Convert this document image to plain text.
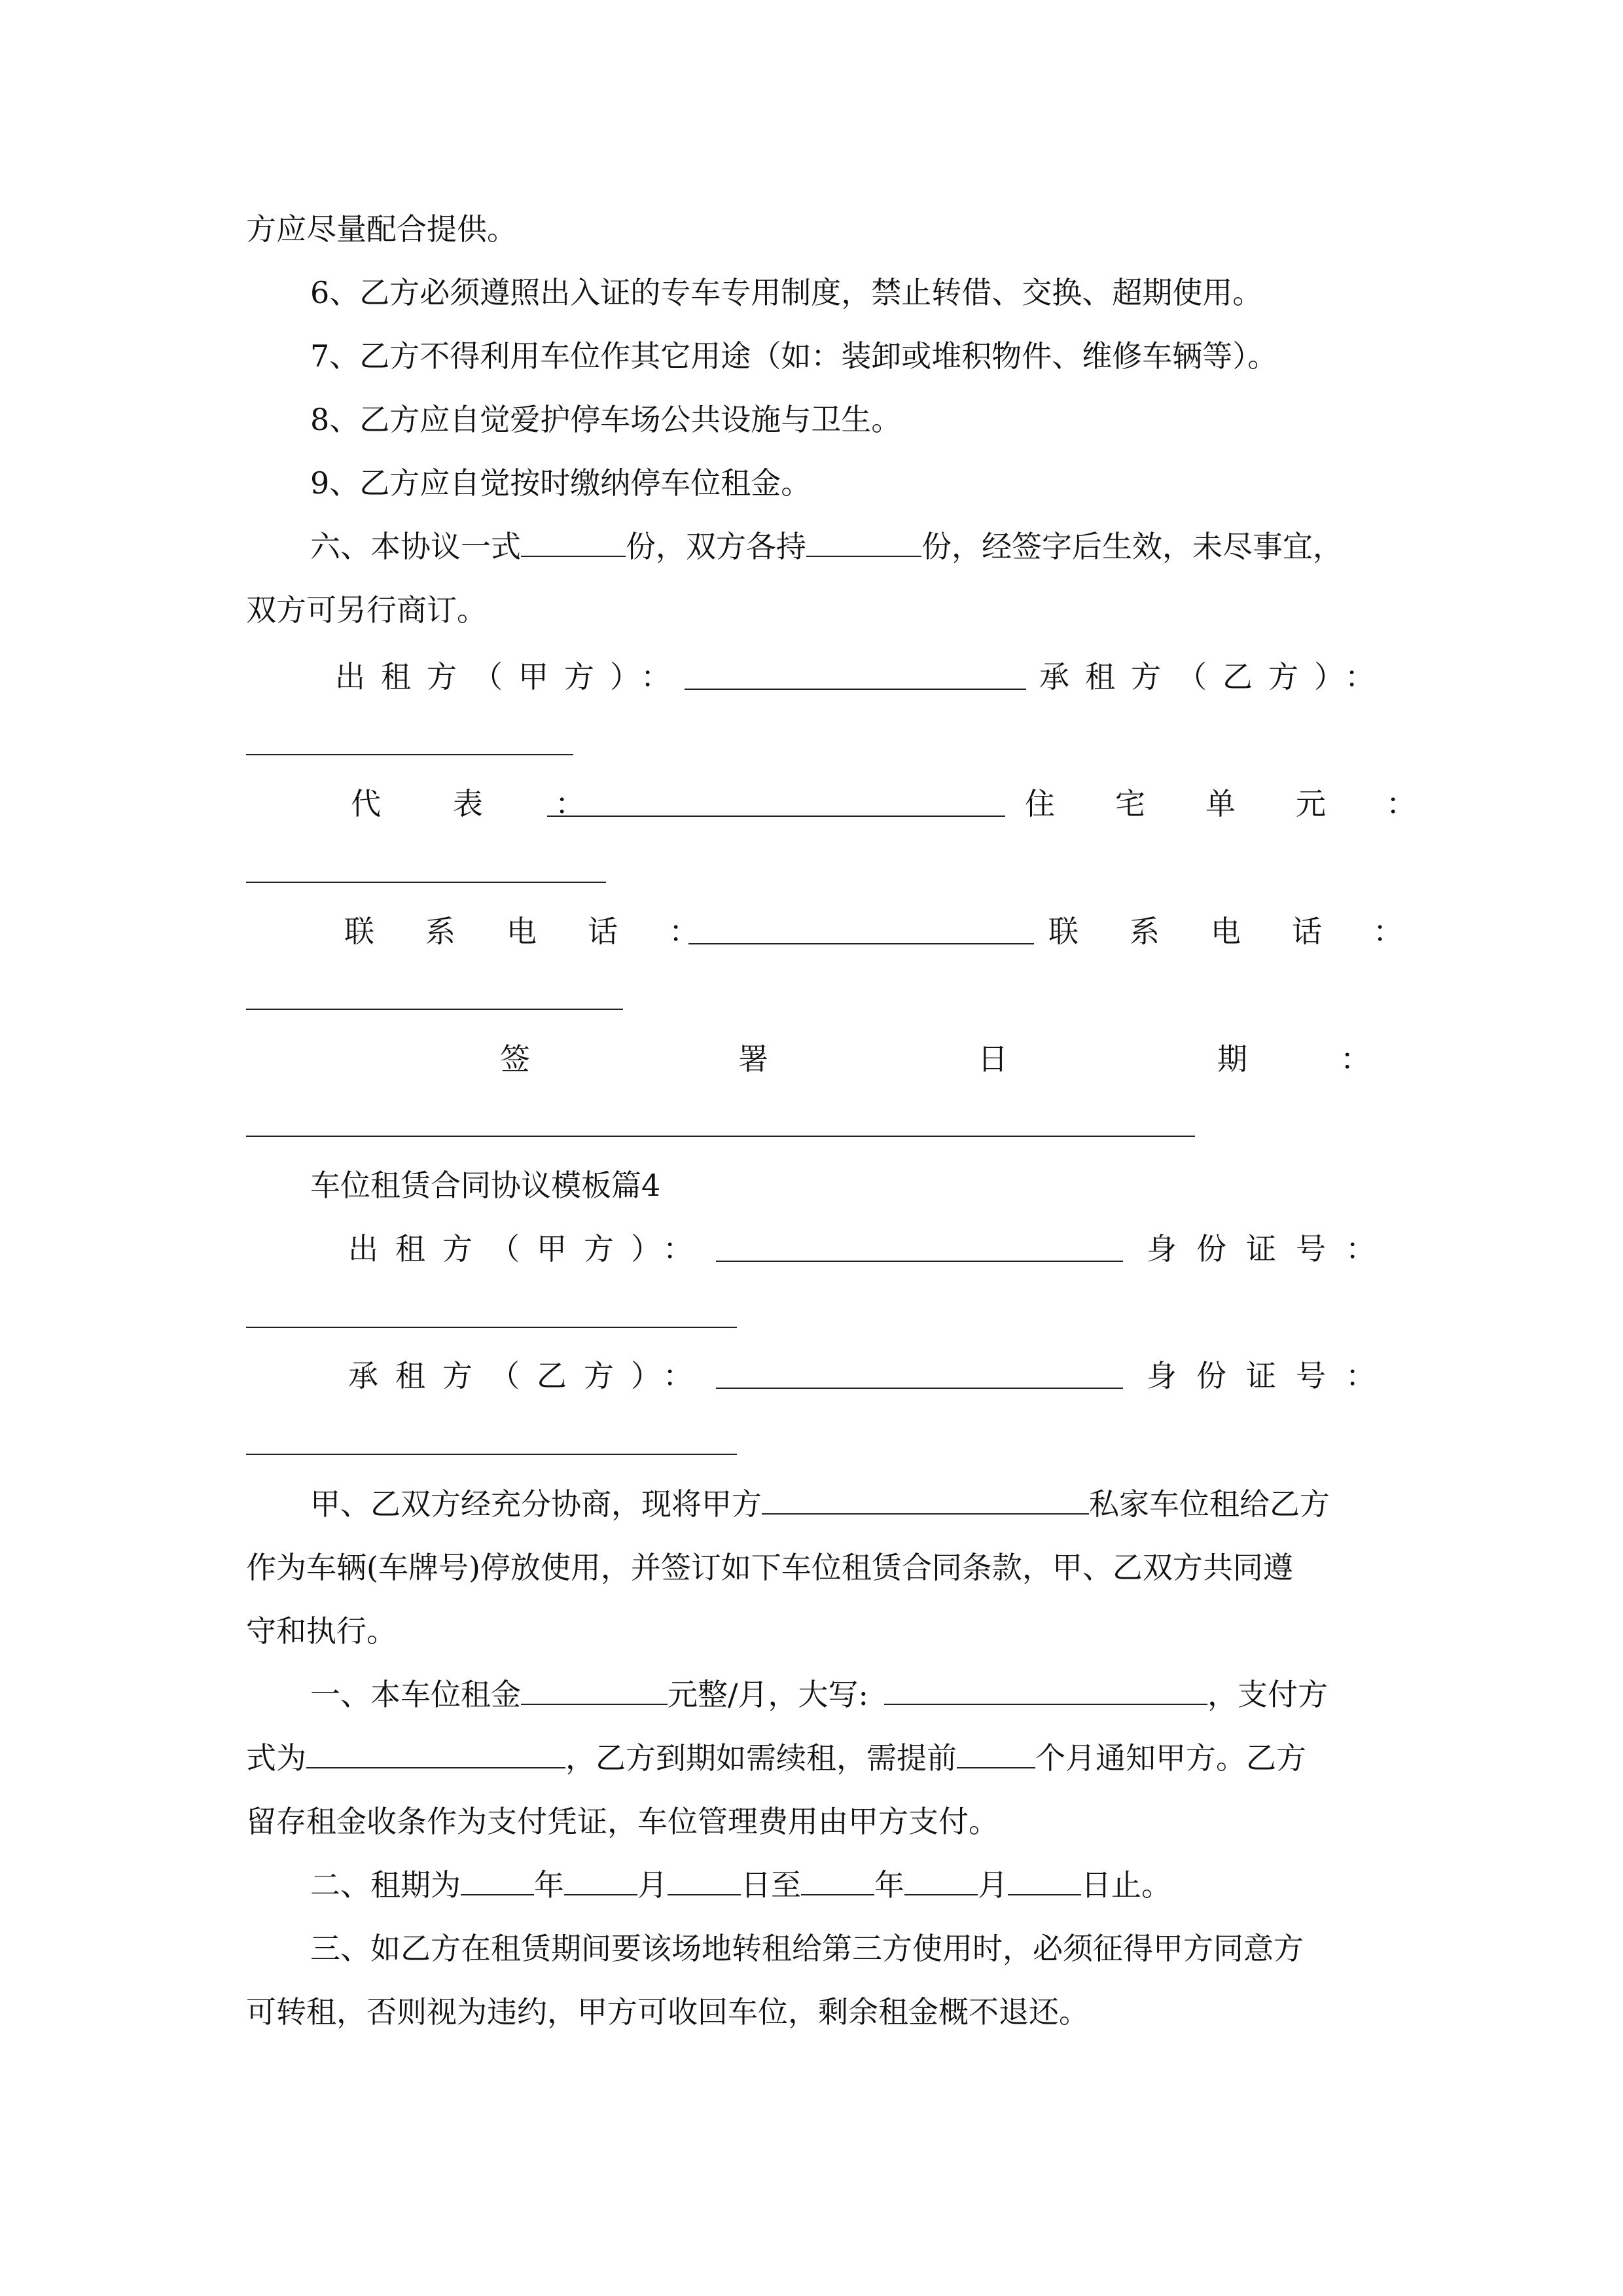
方应尽量配合提供。
6、乙方必须遵照出入证的专车专用制度，禁止转借、交换、超期使用。
7、乙方不得利用车位作其它用途（如：装卸或堆积物件、维修车辆等）。
8、乙方应自觉爱护停车场公共设施与卫生。
9、乙方应自觉按时缴纳停车位租金。
六、本协议一式	份，双方各持	份，经签字后生效，未尽事宜，
双方可另行商订。
出租方（甲方）：	承租方（乙方）：
代表：	住宅单元：
联系电话：	联系电话：
签	署	日	期	：
车位租赁合同协议模板篇4
出租方（甲方）：	身份证号：
承租方（乙方）：	身份证号：
甲、乙双方经充分协商，现将甲方	私家车位租给乙方
作为车辆(车牌号)停放使用，并签订如下车位租赁合同条款，甲、乙双方共同遵
守和执行。
一、本车位租金	元整/月，大写:	，支付方
式为	，乙方到期如需续租，需提前	个月通知甲方。乙方
留存租金收条作为支付凭证，车位管理费用由甲方支付。
二、租期为 年 月 日至 年 月 日止。
三、如乙方在租赁期间要该场地转租给第三方使用时，必须征得甲方同意方
可转租，否则视为违约，甲方可收回车位，剩余租金概不退还。
